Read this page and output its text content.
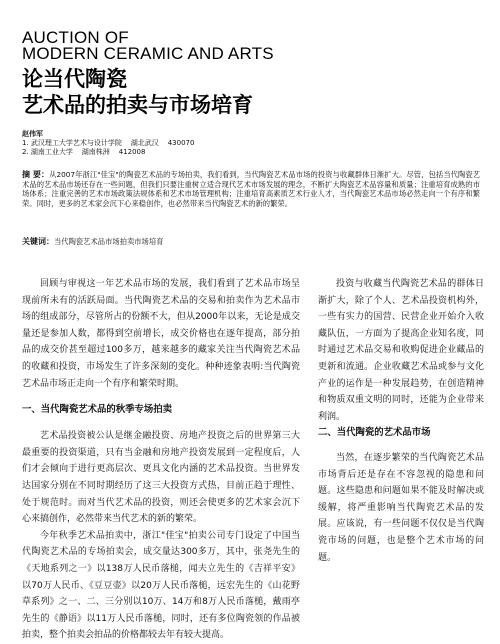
AUCTION OF
MODERN CERAMIC AND ARTS
论当代陶瓷
艺术品的拍卖与市场培育
赵伟军
1. 武汉理工大学艺术与设计学院    湖北武汉    430070
2. 湖南工业大学    湖南株洲    412008
摘 要：从2007年浙江"佳宝"的陶瓷艺术品的专场拍卖，我们看到，当代陶瓷艺术品市场的投资与收藏群体日渐扩大。尽管，包括当代陶瓷艺术品的艺术品市场还存在一些问题，但我们只要注重树立适合现代艺术市场发展的理念，不断扩大陶瓷艺术品容量和质量；注重培育成熟的市场体系；注重完善的艺术市场政策法规体系和艺术市场管理机构；注重培育高素质艺术行业人才，当代陶瓷艺术品市场必然走向一个有序和繁荣。同时，更多的艺术家会沉下心来稳创作，也必然带来当代陶瓷艺术的新的繁荣。
关键词：当代陶瓷艺术品市场拍卖市场培育

回顾与审视这一年艺术品市场的发展，我们看到了艺术品市场呈现前所未有的活跃局面。当代陶瓷艺术品的交易和拍卖作为艺术品市场的组成部分，尽管所占的份额不大，但从2000年以来，无论是成交量还是参加人数，都得到空前增长，成交价格也在逐年提高，部分拍品的成交价甚至超过100多万，越来越多的藏家关注当代陶瓷艺术品的收藏和投资，市场发生了许多深刻的变化。种种迹象表明:当代陶瓷艺术品市场正走向一个有序和繁荣时期。

一、当代陶瓷艺术品的秋季专场拍卖

艺术品投资被公认是继金融投资、房地产投资之后的世界第三大最重要的投资渠道，只有当金融和房地产投资发展到一定程度后，人们才会倾向于进行更高层次、更具文化内涵的艺术品投资。当世界发达国家分别在不同时期经历了这三大投资方式热，目前正趋于理性、处于规范时。而对当代艺术品的投资，则还会使更多的艺术家会沉下心来搞创作，必然带来当代艺术的新的繁荣。

今年秋季艺术品拍卖中，浙江"佳宝"拍卖公司专门设定了中国当代陶瓷艺术品的专场拍卖会，成交量达300多万，其中，张尧先生的《天地系列之一》以138万人民币落槌，闻夫立先生的《吉祥平安》以70万人民币、《豆豆壶》以20万人民币落槌，远宏先生的《山花野草系列》之一、二、三分别以10万、14万和8万人民币落槌，戴雨亭先生的《静语》以11万人民币落槌，同时，还有多位陶瓷领的作品被拍卖，整个拍卖会拍品的价格都较去年有较大提高。

投资与收藏当代陶瓷艺术品的群体日渐扩大，除了个人、艺术品投资机构外，一些有实力的国营、民营企业开始介入收藏队伍，一方面为了提高企业知名度，同时通过艺术品交易和收购促进企业藏品的更新和流通。企业收藏艺术品或参与文化产业的运作是一种发展趋势，在创造精神和物质双重文明的同时，还能为企业带来利润。

二、当代陶瓷的艺术品市场

当然，在逐步繁荣的当代陶瓷艺术品市场背后还是存在不容忽视的隐患和问题。这些隐患和问题如果不能及时解决或缓解，将严重影响当代陶瓷艺术品的发展。应该说，有一些问题不仅仅是当代陶瓷市场的问题，也是整个艺术市场的问题。
